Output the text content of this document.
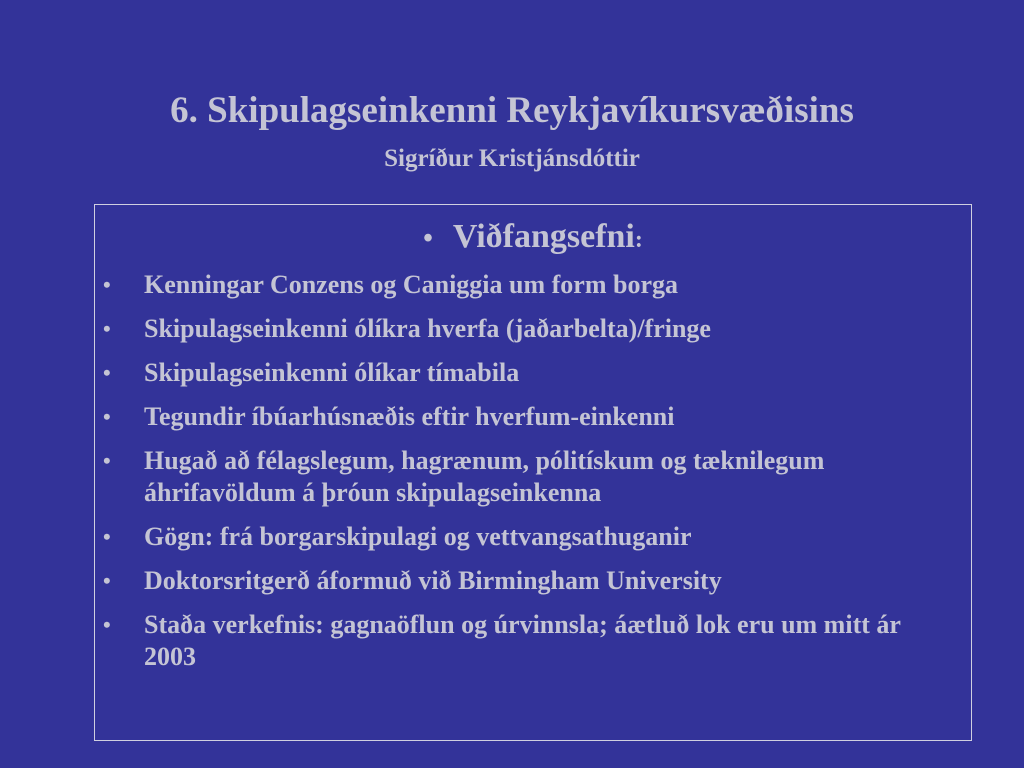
6. Skipulagseinkenni Reykjavíkursvæðisins
Sigríður Kristjánsdóttir
• Viðfangsefni:
• Kenningar Conzens og Caniggia um form borga
• Skipulagseinkenni ólíkra hverfa (jaðarbelta)/fringe
• Skipulagseinkenni ólíkar tímabila
• Tegundir íbúarhúsnæðis eftir hverfum-einkenni
• Hugað að félagslegum, hagrænum, pólitískum og tæknilegum áhrifavöldum á þróun skipulagseinkenna
• Gögn: frá borgarskipulagi og vettvangsathuganir
• Doktorsritgerð áformuð við Birmingham University
• Staða verkefnis: gagnaöflun og úrvinnsla; áætluð lok eru um mitt ár 2003
